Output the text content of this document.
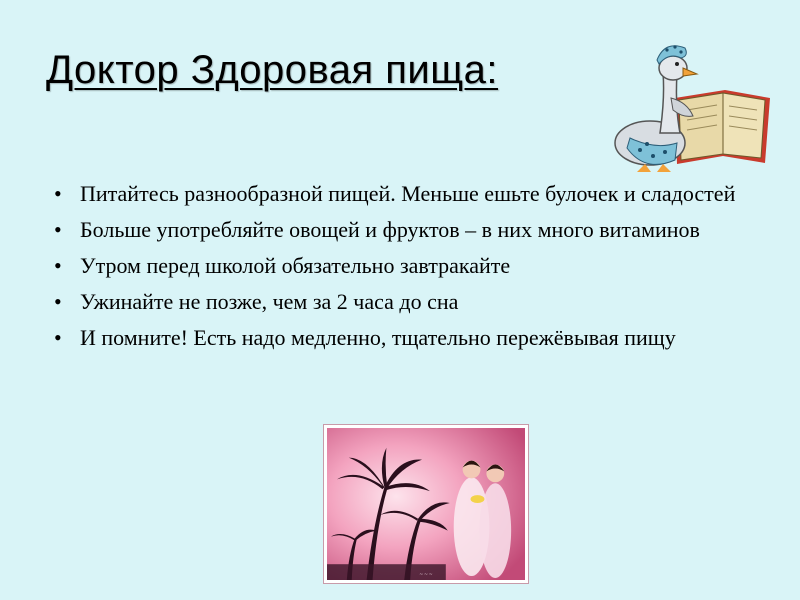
Доктор Здоровая пища:
• Питайтесь разнообразной пищей. Меньше ешьте булочек и сладостей
• Больше употребляйте овощей и фруктов – в них много витаминов
• Утром перед школой обязательно завтракайте
• Ужинайте не позже, чем за 2 часа до сна
• И помните! Есть надо медленно, тщательно пережёвывая пищу
~ ~ ~
